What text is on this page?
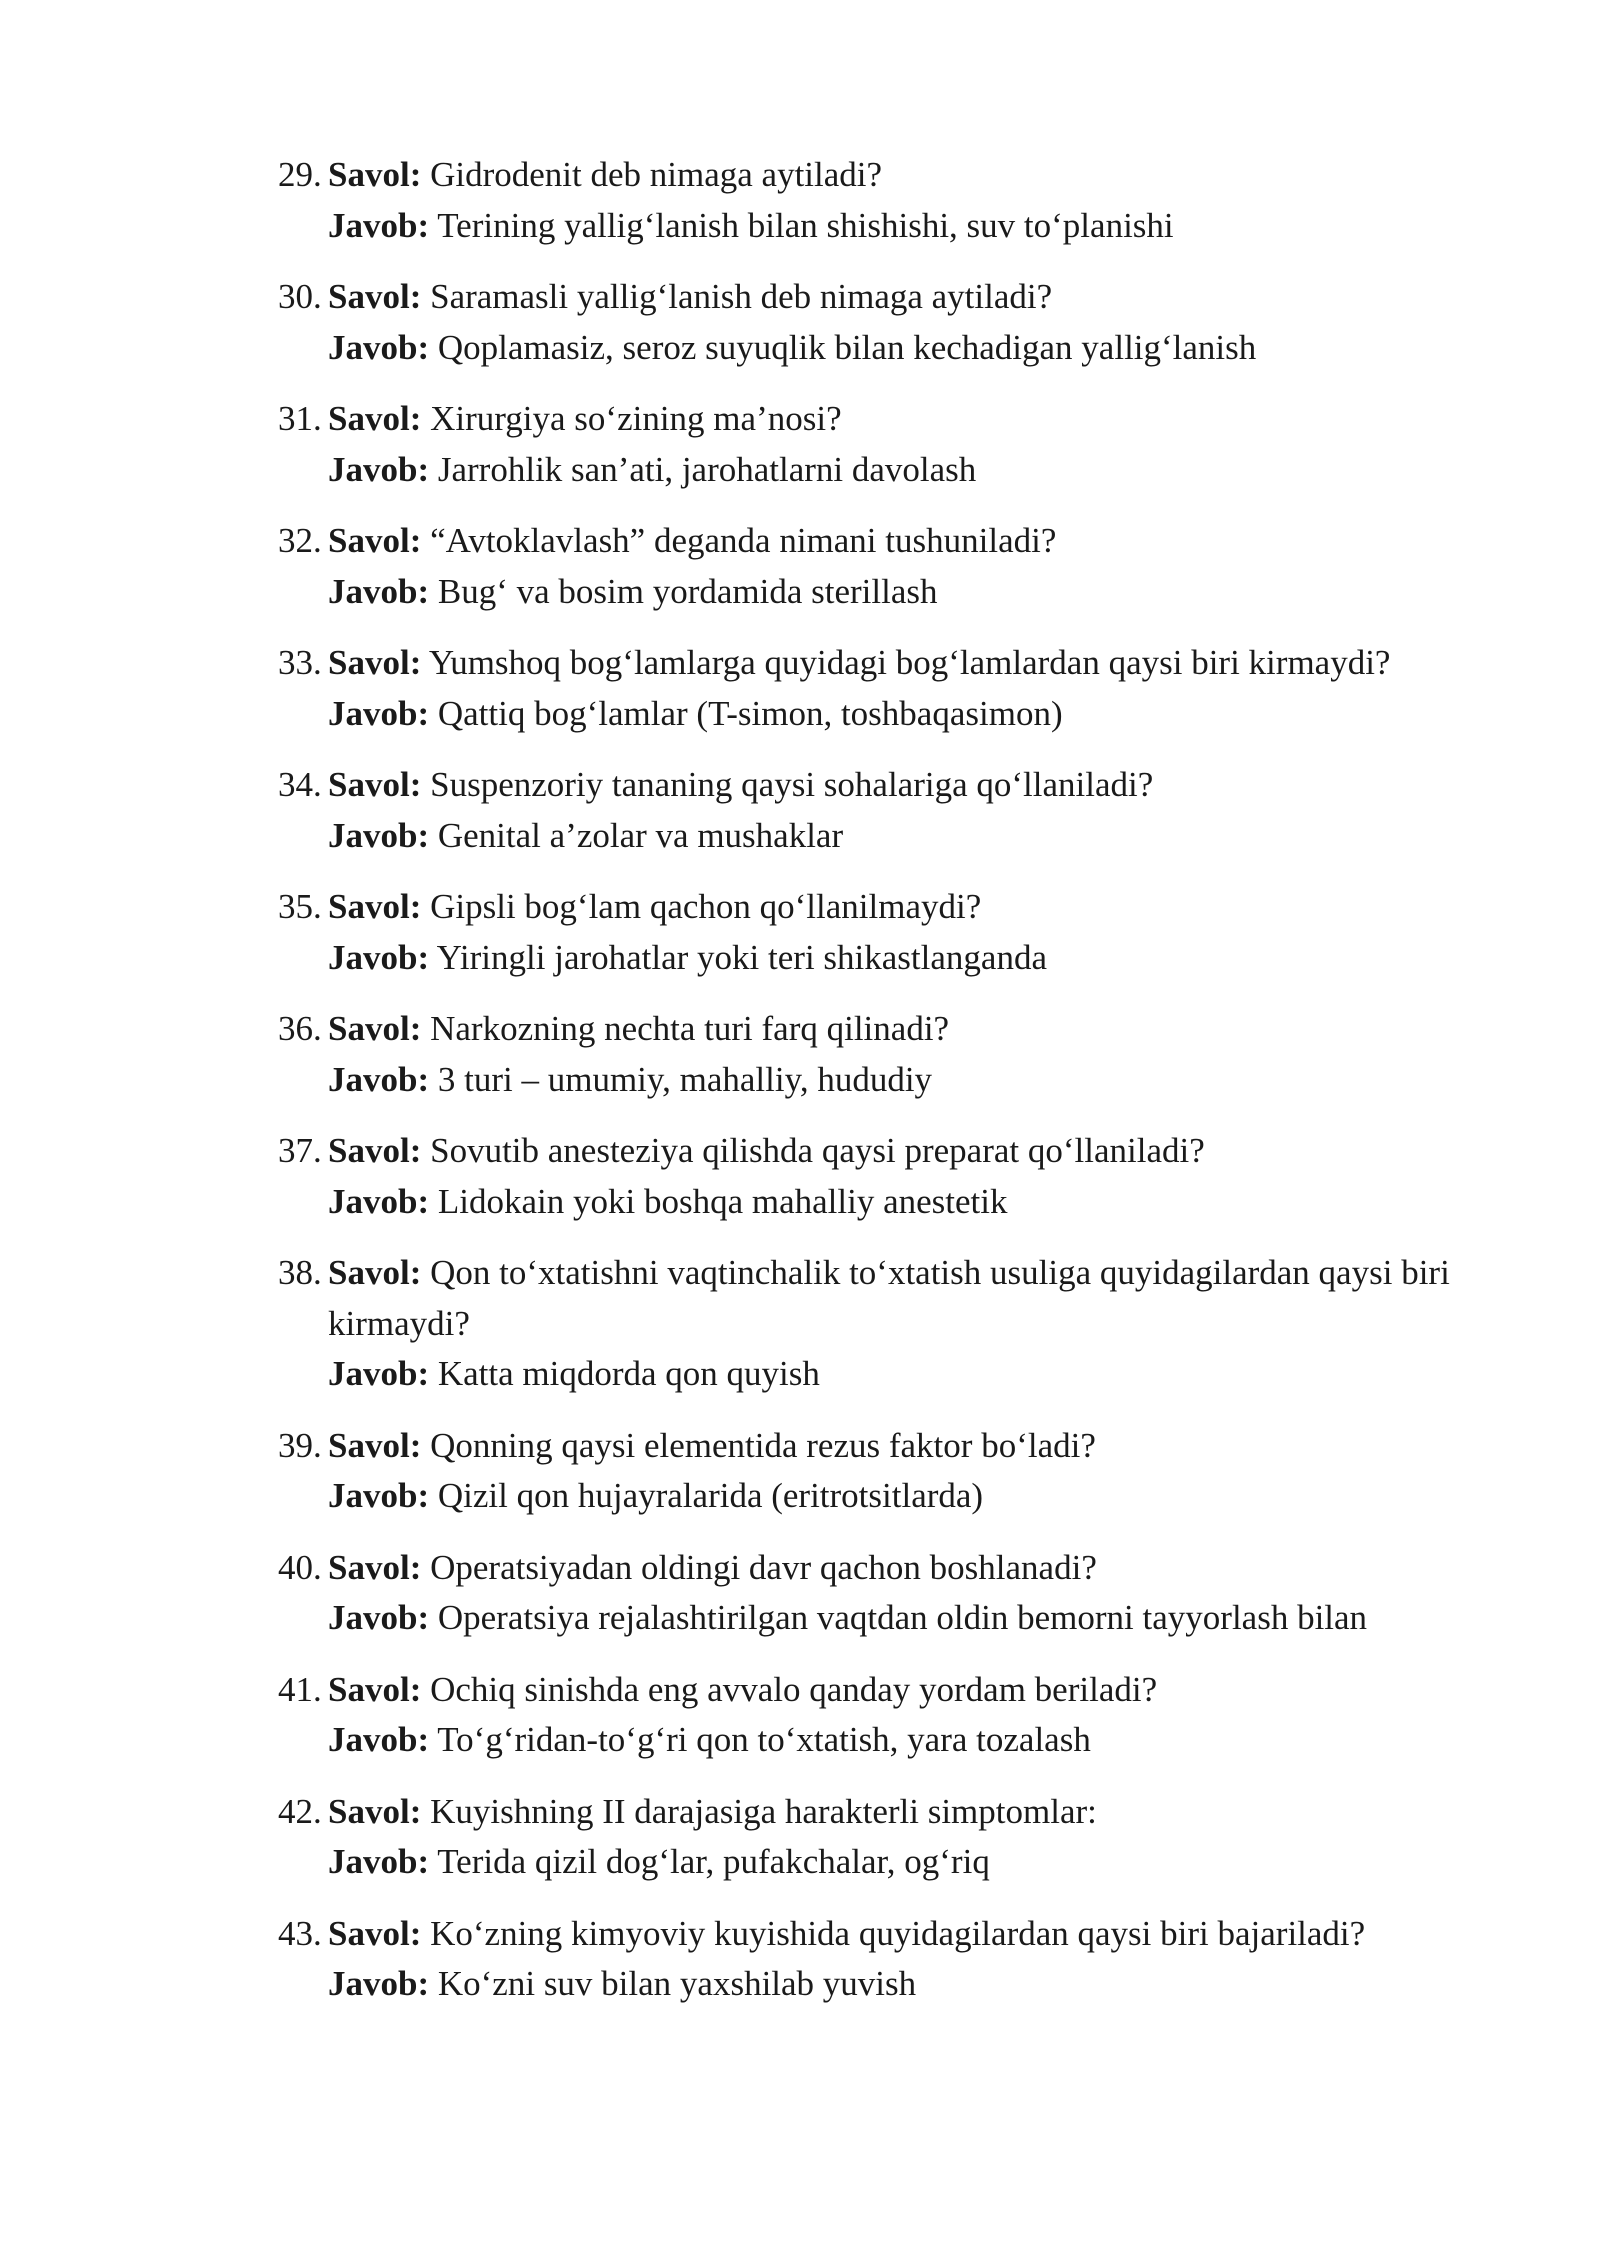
29. Savol: Gidrodenit deb nimaga aytiladi?
Javob: Terining yallig‘lanish bilan shishishi, suv to‘planishi
30. Savol: Saramasli yallig‘lanish deb nimaga aytiladi?
Javob: Qoplamasiz, seroz suyuqlik bilan kechadigan yallig‘lanish
31. Savol: Xirurgiya so‘zining ma’nosi?
Javob: Jarrohlik san’ati, jarohatlarni davolash
32. Savol: “Avtoklavlash” deganda nimani tushuniladi?
Javob: Bug‘ va bosim yordamida sterillash
33. Savol: Yumshoq bog‘lamlarga quyidagi bog‘lamlardan qaysi biri kirmaydi?
Javob: Qattiq bog‘lamlar (T-simon, toshbaqasimon)
34. Savol: Suspenzoriy tananing qaysi sohalariga qo‘llaniladi?
Javob: Genital a’zolar va mushaklar
35. Savol: Gipsli bog‘lam qachon qo‘llanilmaydi?
Javob: Yiringli jarohatlar yoki teri shikastlanganda
36. Savol: Narkozning nechta turi farq qilinadi?
Javob: 3 turi – umumiy, mahalliy, hududiy
37. Savol: Sovutib anesteziya qilishda qaysi preparat qo‘llaniladi?
Javob: Lidokain yoki boshqa mahalliy anestetik
38. Savol: Qon to‘xtatishni vaqtinchalik to‘xtatish usuliga quyidagilardan qaysi biri kirmaydi?
Javob: Katta miqdorda qon quyish
39. Savol: Qonning qaysi elementida rezus faktor bo‘ladi?
Javob: Qizil qon hujayralarida (eritrotsitlarda)
40. Savol: Operatsiyadan oldingi davr qachon boshlanadi?
Javob: Operatsiya rejalashtirilgan vaqtdan oldin bemorni tayyorlash bilan
41. Savol: Ochiq sinishda eng avvalo qanday yordam beriladi?
Javob: To‘g‘ridan-to‘g‘ri qon to‘xtatish, yara tozalash
42. Savol: Kuyishning II darajasiga harakterli simptomlar:
Javob: Terida qizil dog‘lar, pufakchalar, og‘riq
43. Savol: Ko‘zning kimyoviy kuyishida quyidagilardan qaysi biri bajariladi?
Javob: Ko‘zni suv bilan yaxshilab yuvish
